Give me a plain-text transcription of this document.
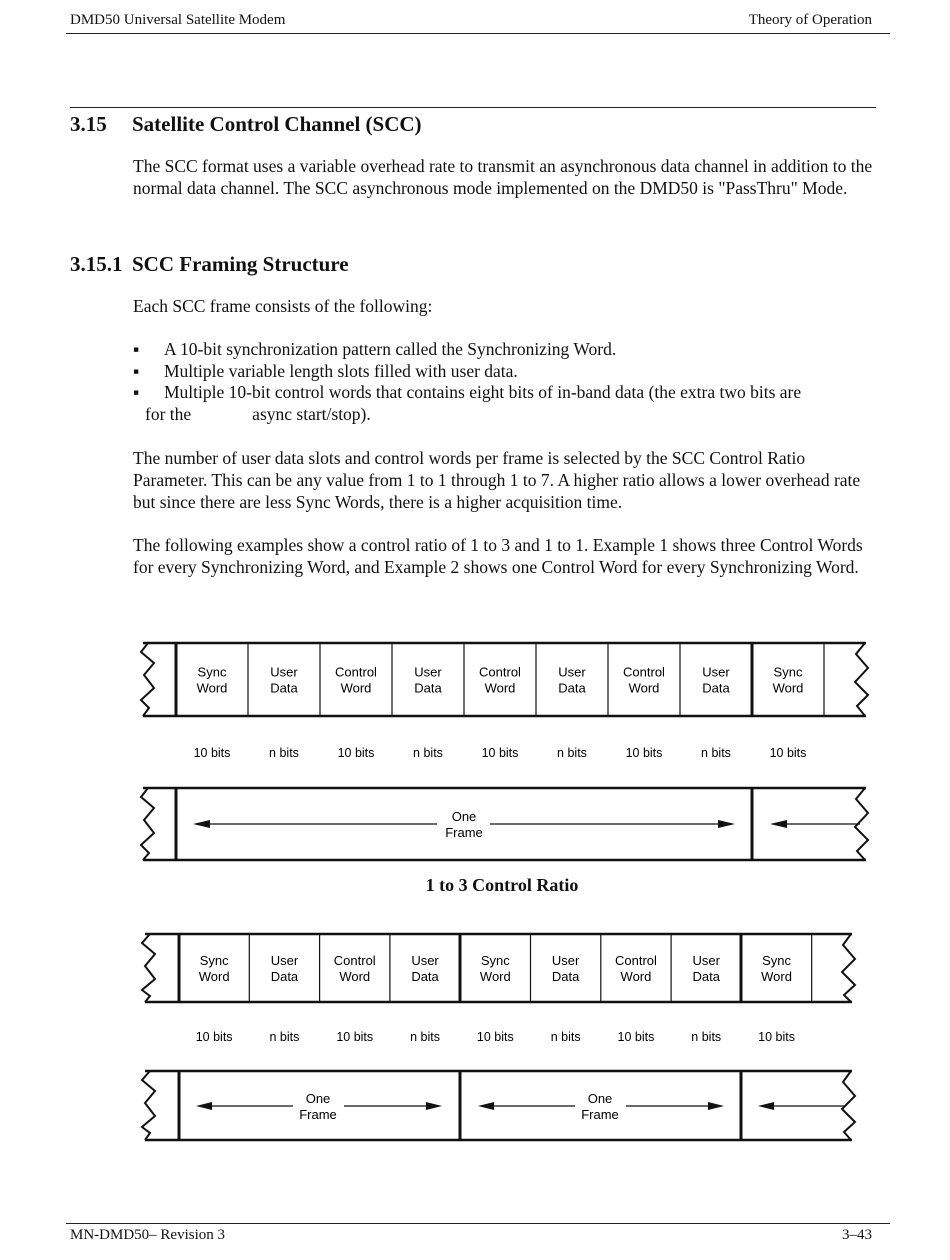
DMD50 Universal Satellite Modem	Theory of Operation
3.15 Satellite Control Channel (SCC)

The SCC format uses a variable overhead rate to transmit an asynchronous data channel in addition to the normal data channel. The SCC asynchronous mode implemented on the DMD50 is "PassThru" Mode.

3.15.1 SCC Framing Structure

Each SCC frame consists of the following:

▪ A 10-bit synchronization pattern called the Synchronizing Word.
▪ Multiple variable length slots filled with user data.
▪ Multiple 10-bit control words that contains eight bits of in-band data (the extra two bits are
for the	async start/stop).

The number of user data slots and control words per frame is selected by the SCC Control Ratio Parameter. This can be any value from 1 to 1 through 1 to 7. A higher ratio allows a lower overhead rate but since there are less Sync Words, there is a higher acquisition time.

The following examples show a control ratio of 1 to 3 and 1 to 1. Example 1 shows three Control Words for every Synchronizing Word, and Example 2 shows one Control Word for every Synchronizing Word.

Sync
Word
User
Data
Control
Word
User
Data
Control
Word
User
Data
Control
Word
User
Data
Sync
Word
10 bits	n bits	10 bits	n bits	10 bits	n bits	10 bits	n bits	10 bits
One
Frame
Sync
Word
User
Data
Control
Word
User
Data
Sync
Word
User
Data
Control
Word
User
Data
Sync
Word
10 bits	n bits	10 bits	n bits	10 bits	n bits	10 bits	n bits	10 bits
One
Frame
One
Frame
1 to 3 Control Ratio
MN-DMD50– Revision 3	3–43
